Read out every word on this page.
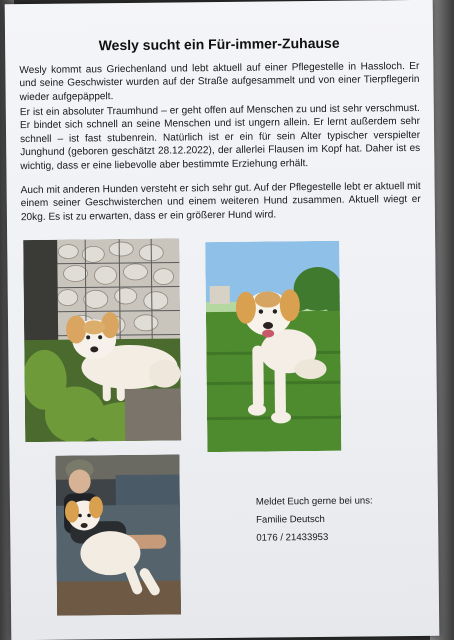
Wesly sucht ein Für-immer-Zuhause

Wesly kommt aus Griechenland und lebt aktuell auf einer Pflegestelle in Hassloch. Er und seine Geschwister wurden auf der Straße aufgesammelt und von einer Tierpflegerin wieder aufgepäppelt.

Er ist ein absoluter Traumhund – er geht offen auf Menschen zu und ist sehr verschmust. Er bindet sich schnell an seine Menschen und ist ungern allein. Er lernt außerdem sehr schnell – ist fast stubenrein. Natürlich ist er ein für sein Alter typischer verspielter Junghund (geboren geschätzt 28.12.2022), der allerlei Flausen im Kopf hat. Daher ist es wichtig, dass er eine liebevolle aber bestimmte Erziehung erhält.

Auch mit anderen Hunden versteht er sich sehr gut. Auf der Pflegestelle lebt er aktuell mit einem seiner Geschwisterchen und einem weiteren Hund zusammen. Aktuell wiegt er 20kg. Es ist zu erwarten, dass er ein größerer Hund wird.

Meldet Euch gerne bei uns:
Familie Deutsch
0176 / 21433953
